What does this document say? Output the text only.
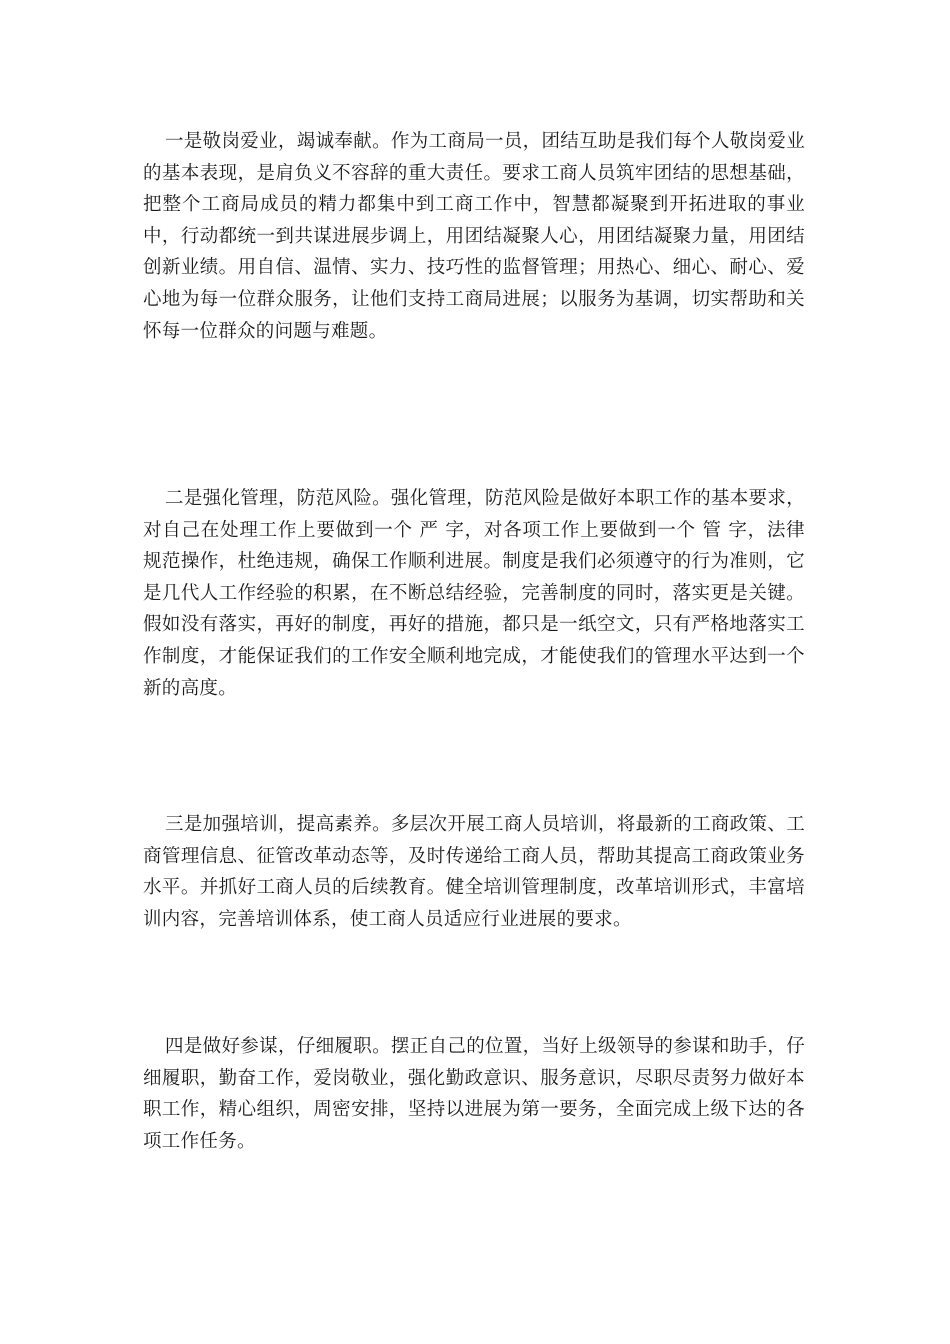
一是敬岗爱业，竭诚奉献。作为工商局一员，团结互助是我们每个人敬岗爱业的基本表现，是肩负义不容辞的重大责任。要求工商人员筑牢团结的思想基础，把整个工商局成员的精力都集中到工商工作中，智慧都凝聚到开拓进取的事业中，行动都统一到共谋进展步调上，用团结凝聚人心，用团结凝聚力量，用团结创新业绩。用自信、温情、实力、技巧性的监督管理；用热心、细心、耐心、爱心地为每一位群众服务，让他们支持工商局进展；以服务为基调，切实帮助和关怀每一位群众的问题与难题。

二是强化管理，防范风险。强化管理，防范风险是做好本职工作的基本要求，对自己在处理工作上要做到一个 严 字，对各项工作上要做到一个 管 字，法律规范操作，杜绝违规，确保工作顺利进展。制度是我们必须遵守的行为准则，它是几代人工作经验的积累，在不断总结经验，完善制度的同时，落实更是关键。假如没有落实，再好的制度，再好的措施，都只是一纸空文，只有严格地落实工作制度，才能保证我们的工作安全顺利地完成，才能使我们的管理水平达到一个新的高度。

三是加强培训，提高素养。多层次开展工商人员培训，将最新的工商政策、工商管理信息、征管改革动态等，及时传递给工商人员，帮助其提高工商政策业务水平。并抓好工商人员的后续教育。健全培训管理制度，改革培训形式，丰富培训内容，完善培训体系，使工商人员适应行业进展的要求。

四是做好参谋，仔细履职。摆正自己的位置，当好上级领导的参谋和助手，仔细履职，勤奋工作，爱岗敬业，强化勤政意识、服务意识，尽职尽责努力做好本职工作，精心组织，周密安排，坚持以进展为第一要务，全面完成上级下达的各项工作任务。
